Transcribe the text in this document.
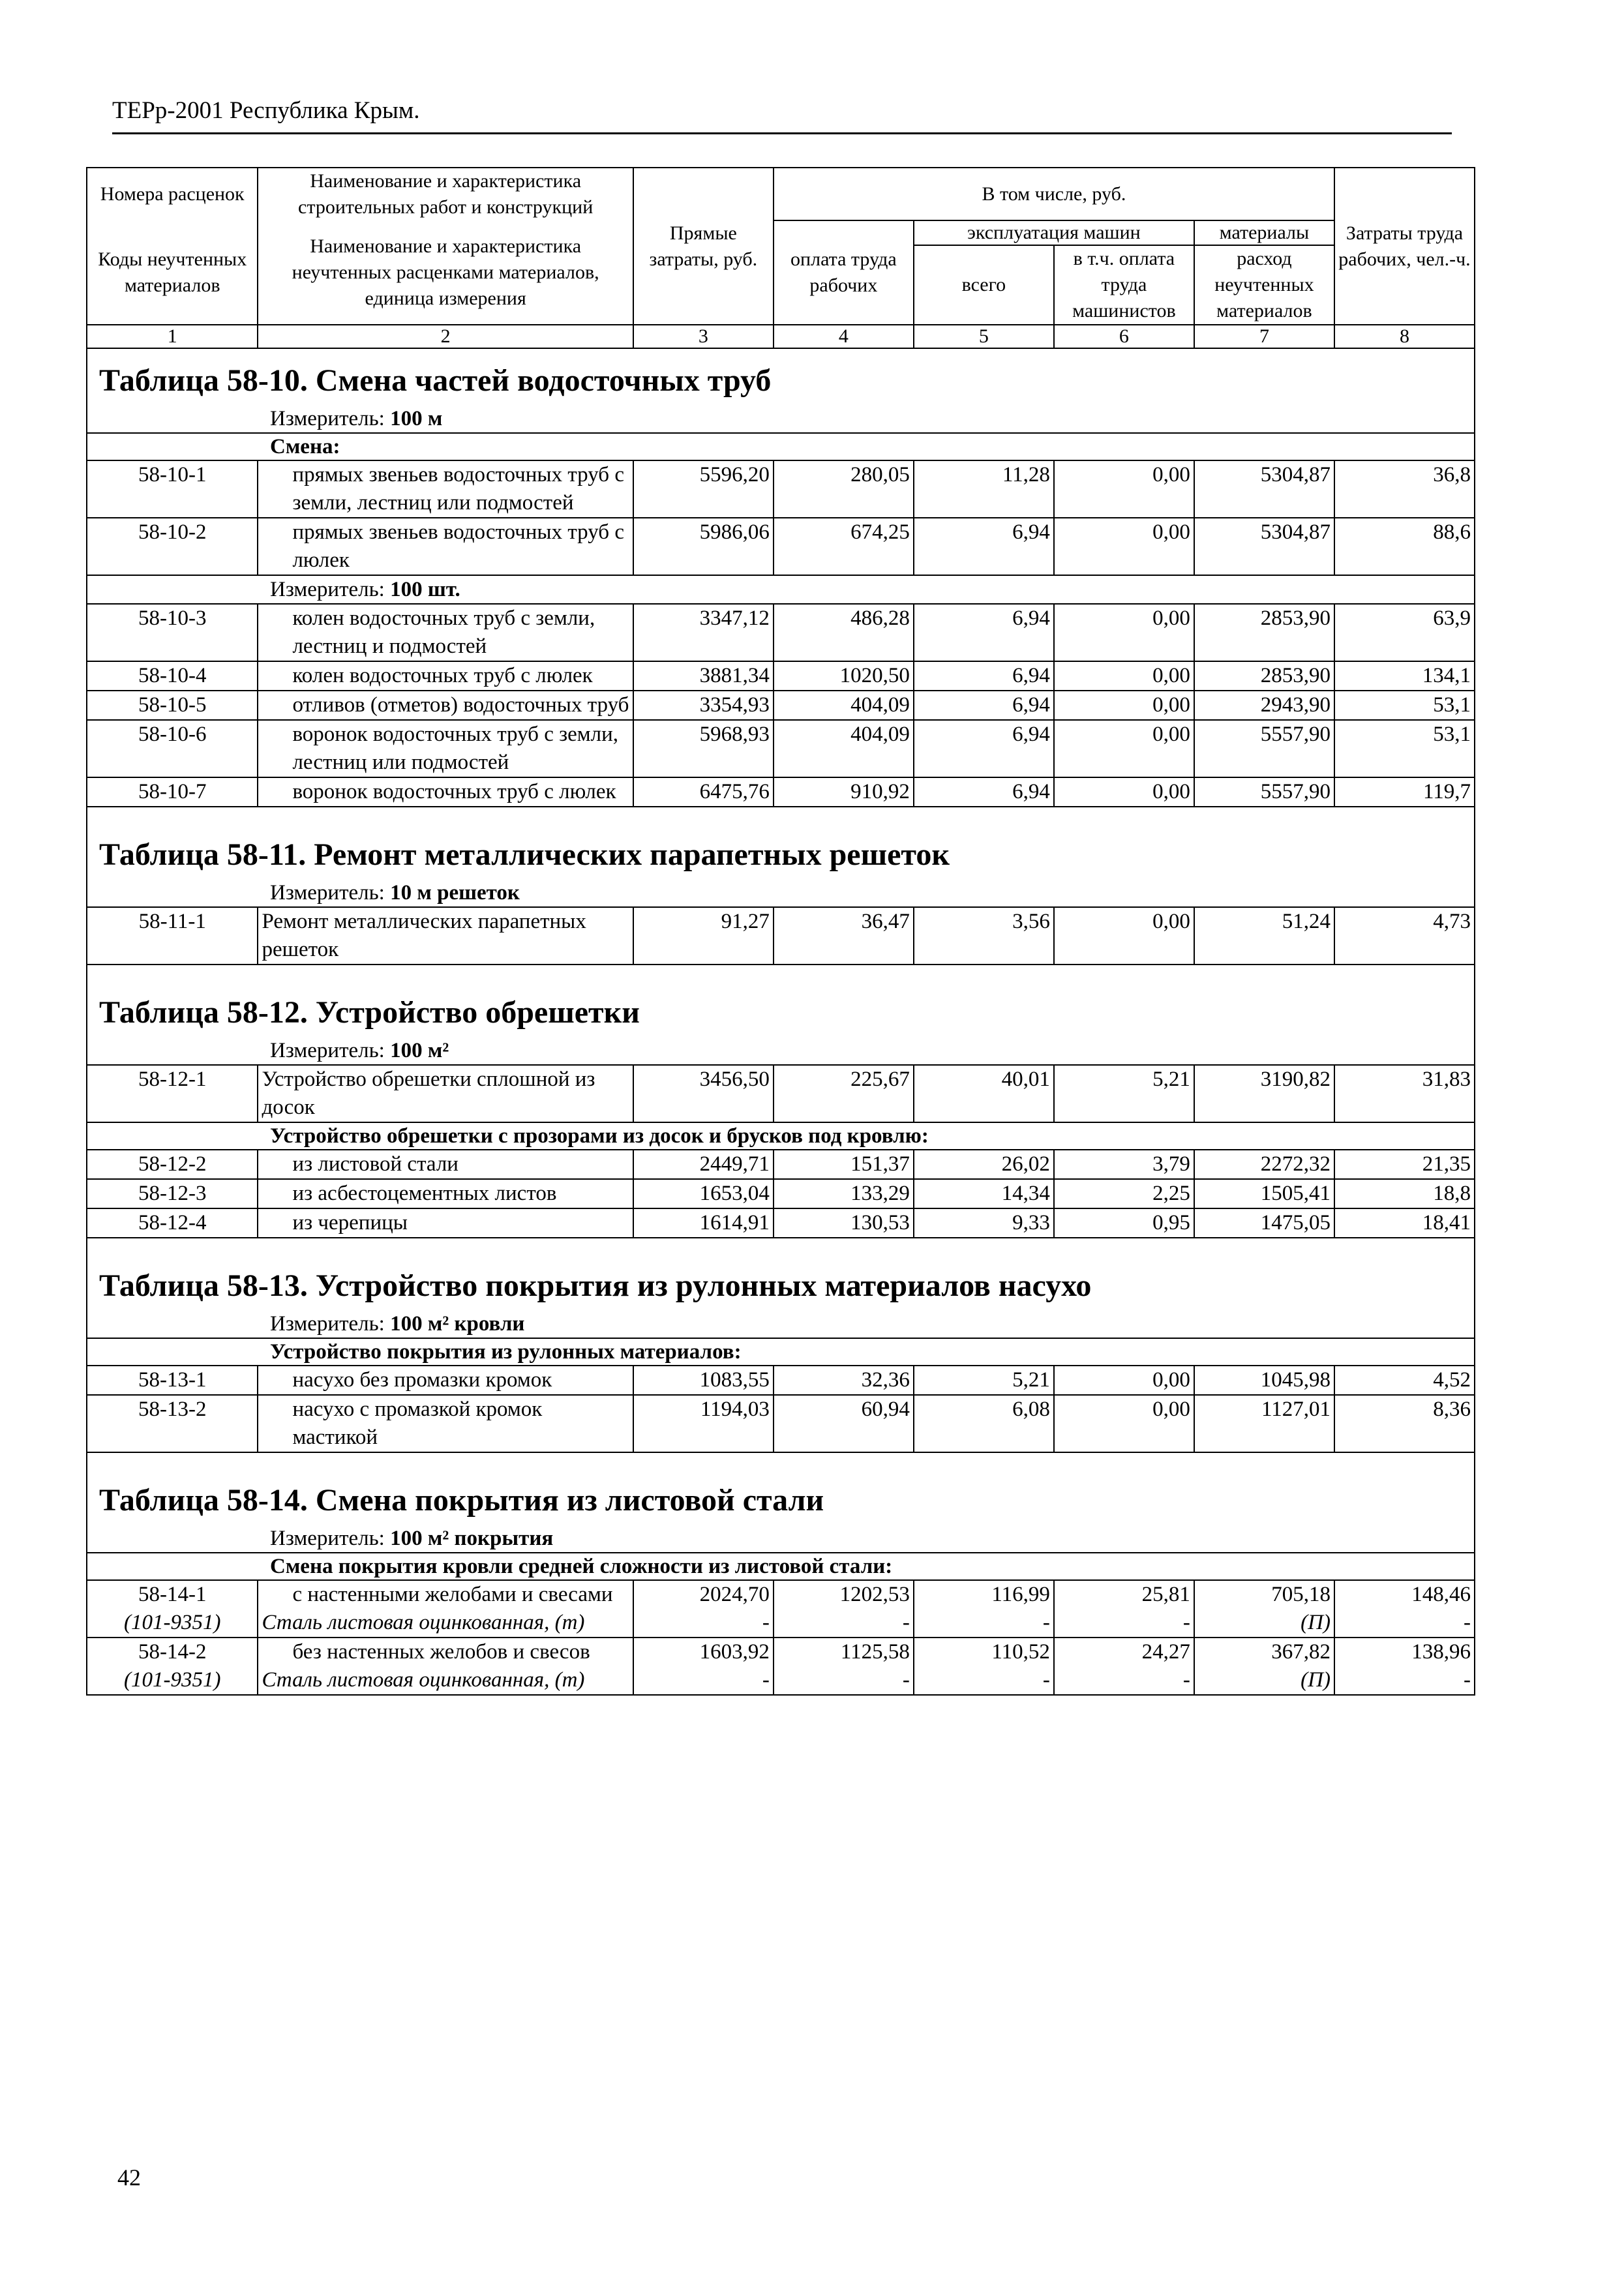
ТЕРр-2001 Республика Крым.
Номера расценок	Наименование и характеристика строительных работ и конструкций	Прямые затраты, руб.	В том числе, руб.				Затраты труда рабочих, чел.-ч.
Коды неучтенных материалов	Наименование и характеристика неучтенных расценками материалов, единица измерения		оплата труда рабочих	эксплуатация машин		материалы	
				всего	в т.ч. оплата труда машинистов	расход неучтенных материалов	

1	2	3	4	5	6	7	8

Таблица 58-10. Смена частей водосточных труб							

Измеритель: 100 м							
Смена:							
58-10-1	прямых звеньев водосточных труб с земли, лестниц или подмостей	5596,20	280,05	11,28	0,00	5304,87	36,8
58-10-2	прямых звеньев водосточных труб с люлек	5986,06	674,25	6,94	0,00	5304,87	88,6
Измеритель: 100 шт.							
58-10-3	колен водосточных труб с земли, лестниц и подмостей	3347,12	486,28	6,94	0,00	2853,90	63,9
58-10-4	колен водосточных труб с люлек	3881,34	1020,50	6,94	0,00	2853,90	134,1
58-10-5	отливов (отметов) водосточных труб	3354,93	404,09	6,94	0,00	2943,90	53,1
58-10-6	воронок водосточных труб с земли, лестниц или подмостей	5968,93	404,09	6,94	0,00	5557,90	53,1
58-10-7	воронок водосточных труб с люлек	6475,76	910,92	6,94	0,00	5557,90	119,7

Таблица 58-11. Ремонт металлических парапетных решеток							

Измеритель: 10 м решеток							
58-11-1	Ремонт металлических парапетных решеток	91,27	36,47	3,56	0,00	51,24	4,73

Таблица 58-12. Устройство обрешетки							

Измеритель: 100 м²							
58-12-1	Устройство обрешетки сплошной из досок	3456,50	225,67	40,01	5,21	3190,82	31,83
Устройство обрешетки с прозорами из досок и брусков под кровлю:							
58-12-2	из листовой стали	2449,71	151,37	26,02	3,79	2272,32	21,35
58-12-3	из асбестоцементных листов	1653,04	133,29	14,34	2,25	1505,41	18,8
58-12-4	из черепицы	1614,91	130,53	9,33	0,95	1475,05	18,41

Таблица 58-13. Устройство покрытия из рулонных материалов насухо							

Измеритель: 100 м² кровли							
Устройство покрытия из рулонных материалов:							
58-13-1	насухо без промазки кромок	1083,55	32,36	5,21	0,00	1045,98	4,52
58-13-2	насухо с промазкой кромок мастикой	1194,03	60,94	6,08	0,00	1127,01	8,36

Таблица 58-14. Смена покрытия из листовой стали							

Измеритель: 100 м² покрытия							
Смена покрытия кровли средней сложности из листовой стали:							
58-14-1	с настенными желобами и свесами	2024,70	1202,53	116,99	25,81	705,18	148,46
(101-9351)	Сталь листовая оцинкованная, (т)	-	-	-	-	(П)	-
58-14-2	без настенных желобов и свесов	1603,92	1125,58	110,52	24,27	367,82	138,96
(101-9351)	Сталь листовая оцинкованная, (т)	-	-	-	-	(П)	-
42
